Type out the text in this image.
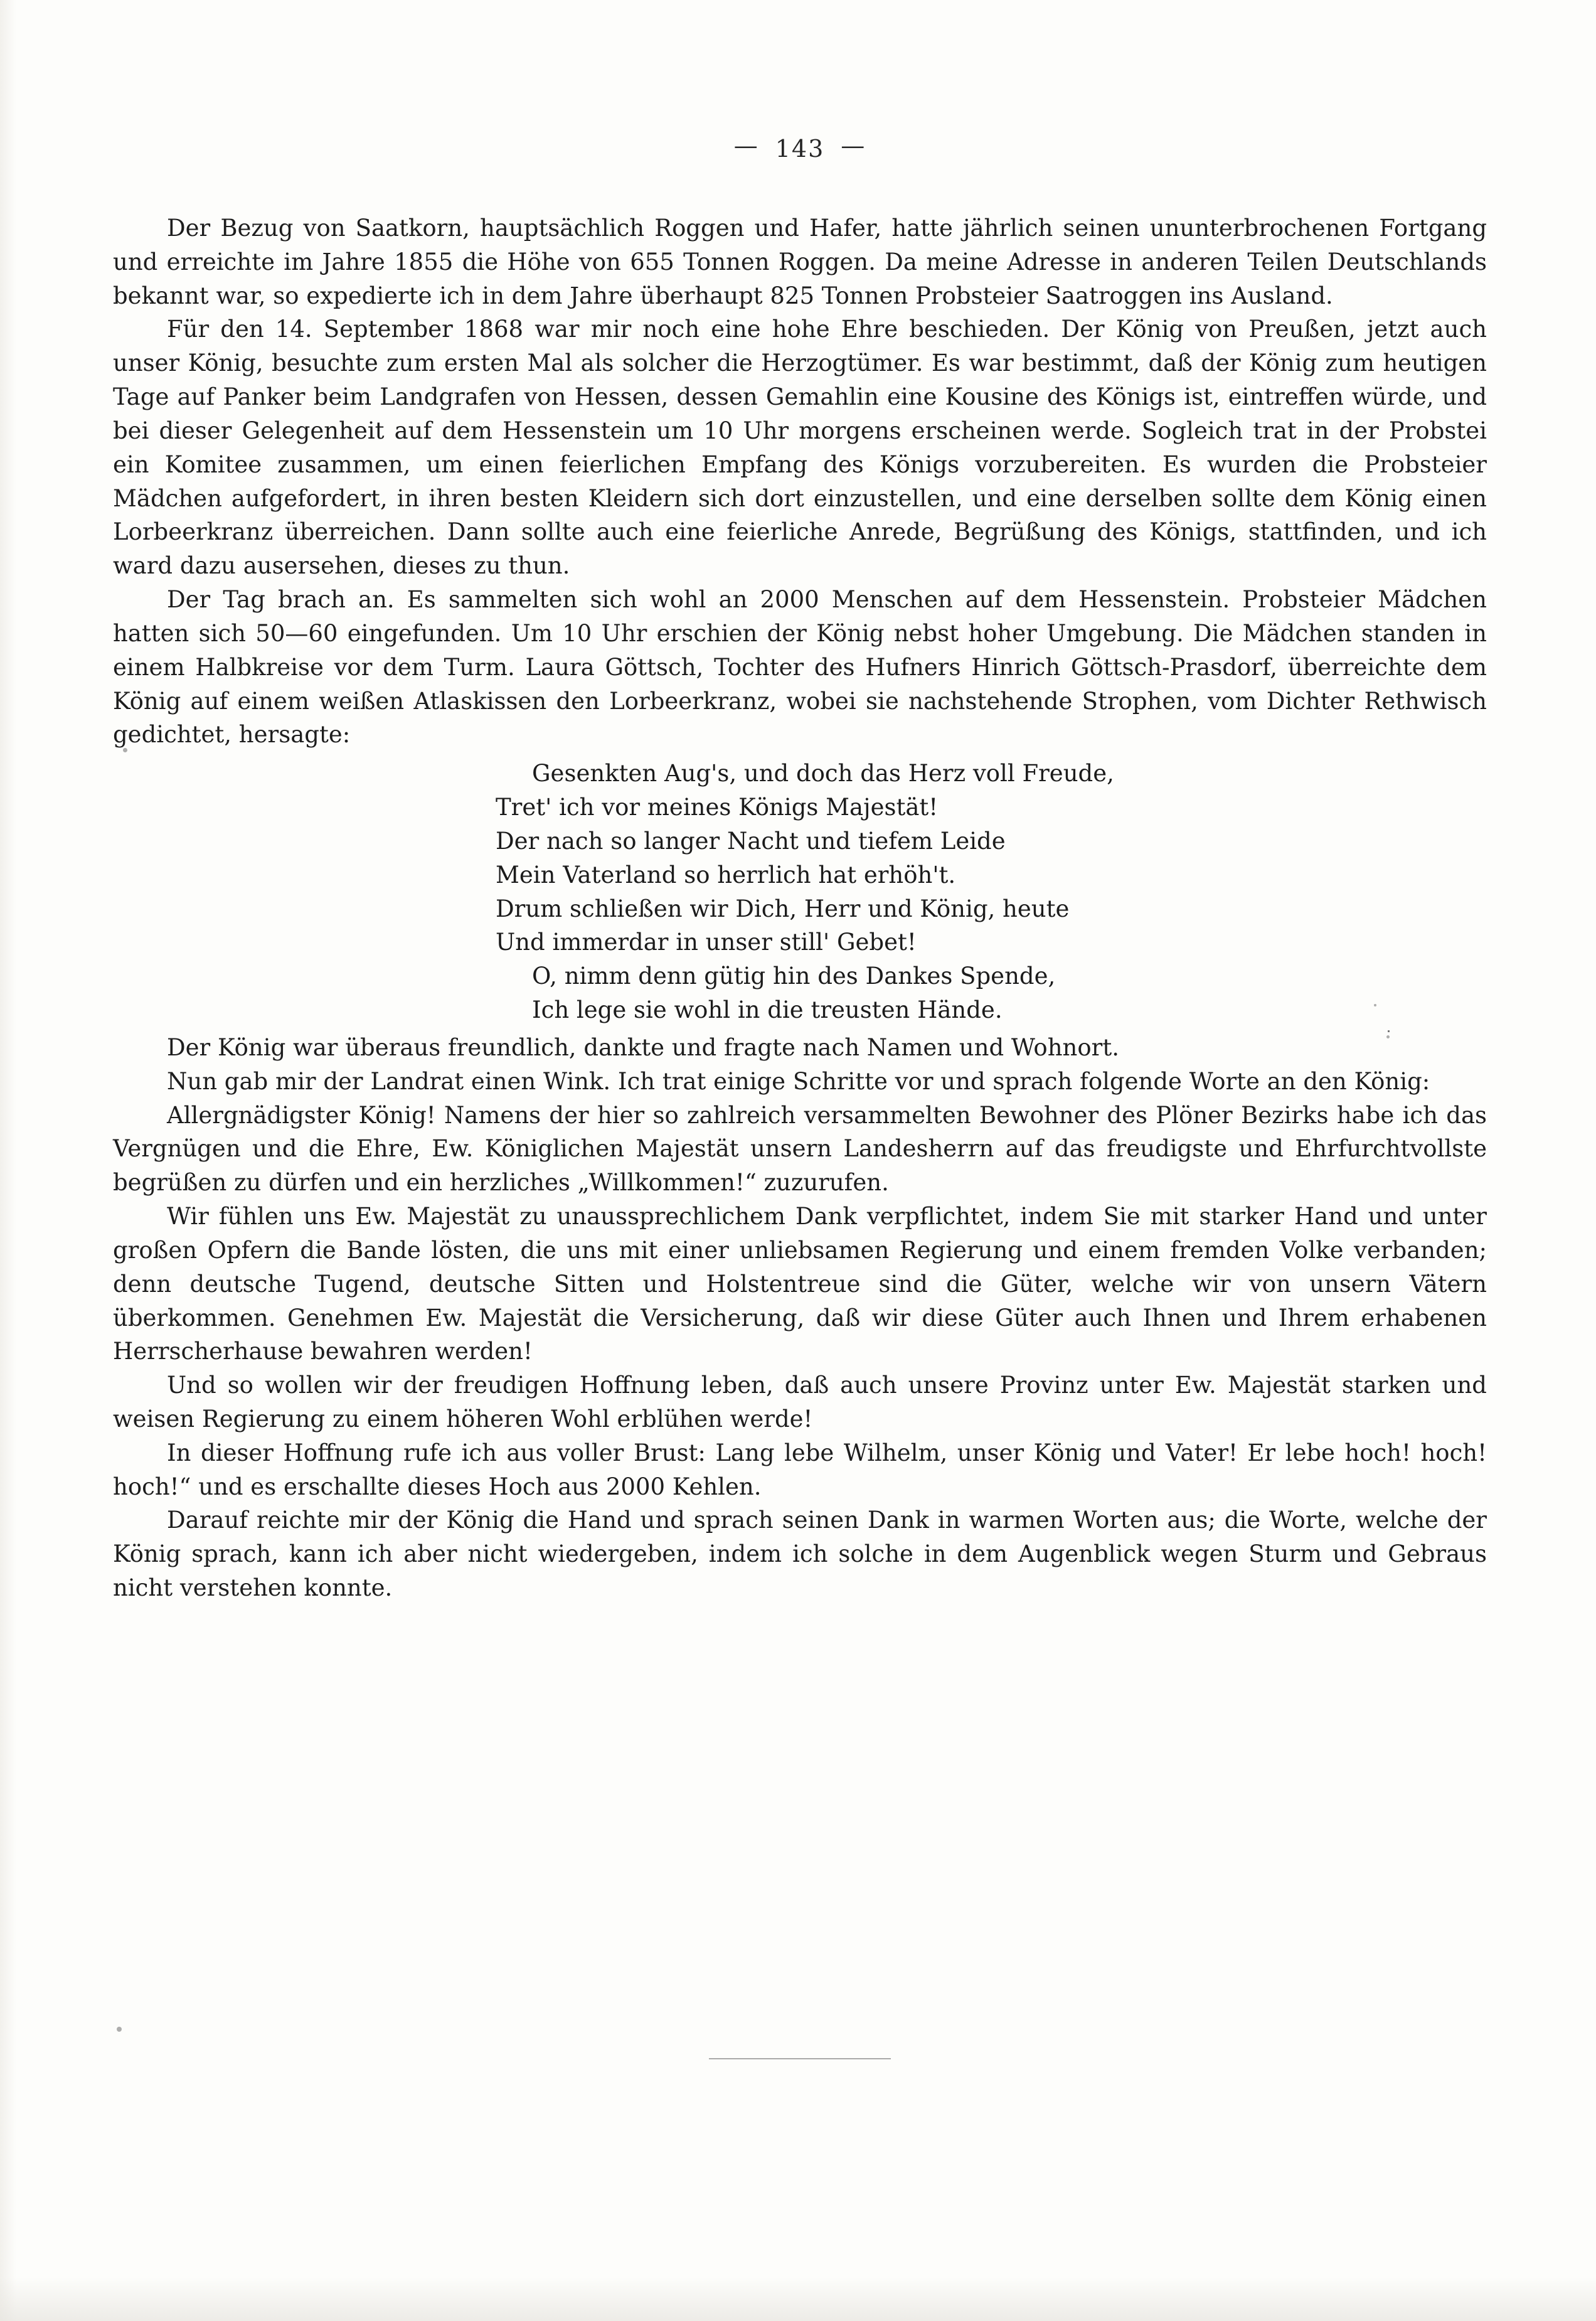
— 143 —

Der Bezug von Saatkorn, hauptsächlich Roggen und Hafer, hatte jährlich seinen ununterbrochenen Fortgang und erreichte im Jahre 1855 die Höhe von 655 Tonnen Roggen. Da meine Adresse in anderen Teilen Deutschlands bekannt war, so expedierte ich in dem Jahre überhaupt 825 Tonnen Probsteier Saatroggen ins Ausland.

Für den 14. September 1868 war mir noch eine hohe Ehre beschieden. Der König von Preußen, jetzt auch unser König, besuchte zum ersten Mal als solcher die Herzogtümer. Es war bestimmt, daß der König zum heutigen Tage auf Panker beim Landgrafen von Hessen, dessen Gemahlin eine Kousine des Königs ist, eintreffen würde, und bei dieser Gelegenheit auf dem Hessenstein um 10 Uhr morgens erscheinen werde. Sogleich trat in der Probstei ein Komitee zusammen, um einen feierlichen Empfang des Königs vorzubereiten. Es wurden die Probsteier Mädchen aufgefordert, in ihren besten Kleidern sich dort einzustellen, und eine derselben sollte dem König einen Lorbeerkranz überreichen. Dann sollte auch eine feierliche Anrede, Begrüßung des Königs, stattfinden, und ich ward dazu ausersehen, dieses zu thun.

Der Tag brach an. Es sammelten sich wohl an 2000 Menschen auf dem Hessenstein. Probsteier Mädchen hatten sich 50—60 eingefunden. Um 10 Uhr erschien der König nebst hoher Umgebung. Die Mädchen standen in einem Halbkreise vor dem Turm. Laura Göttsch, Tochter des Hufners Hinrich Göttsch-Prasdorf, überreichte dem König auf einem weißen Atlaskissen den Lorbeerkranz, wobei sie nachstehende Strophen, vom Dichter Rethwisch gedichtet, hersagte:

Gesenkten Aug's, und doch das Herz voll Freude,
Tret' ich vor meines Königs Majestät!
Der nach so langer Nacht und tiefem Leide
Mein Vaterland so herrlich hat erhöh't.
Drum schließen wir Dich, Herr und König, heute
Und immerdar in unser still' Gebet!
O, nimm denn gütig hin des Dankes Spende,
Ich lege sie wohl in die treusten Hände.

Der König war überaus freundlich, dankte und fragte nach Namen und Wohnort.

Nun gab mir der Landrat einen Wink. Ich trat einige Schritte vor und sprach folgende Worte an den König:

Allergnädigster König! Namens der hier so zahlreich versammelten Bewohner des Plöner Bezirks habe ich das Vergnügen und die Ehre, Ew. Königlichen Majestät unsern Landesherrn auf das freudigste und Ehrfurchtvollste begrüßen zu dürfen und ein herzliches „Willkommen!“ zuzurufen.

Wir fühlen uns Ew. Majestät zu unaussprechlichem Dank verpflichtet, indem Sie mit starker Hand und unter großen Opfern die Bande lösten, die uns mit einer unliebsamen Regierung und einem fremden Volke verbanden; denn deutsche Tugend, deutsche Sitten und Holstentreue sind die Güter, welche wir von unsern Vätern überkommen. Genehmen Ew. Majestät die Versicherung, daß wir diese Güter auch Ihnen und Ihrem erhabenen Herrscherhause bewahren werden!

Und so wollen wir der freudigen Hoffnung leben, daß auch unsere Provinz unter Ew. Majestät starken und weisen Regierung zu einem höheren Wohl erblühen werde!

In dieser Hoffnung rufe ich aus voller Brust: Lang lebe Wilhelm, unser König und Vater! Er lebe hoch! hoch! hoch!“ und es erschallte dieses Hoch aus 2000 Kehlen.

Darauf reichte mir der König die Hand und sprach seinen Dank in warmen Worten aus; die Worte, welche der König sprach, kann ich aber nicht wiedergeben, indem ich solche in dem Augenblick wegen Sturm und Gebraus nicht verstehen konnte.
